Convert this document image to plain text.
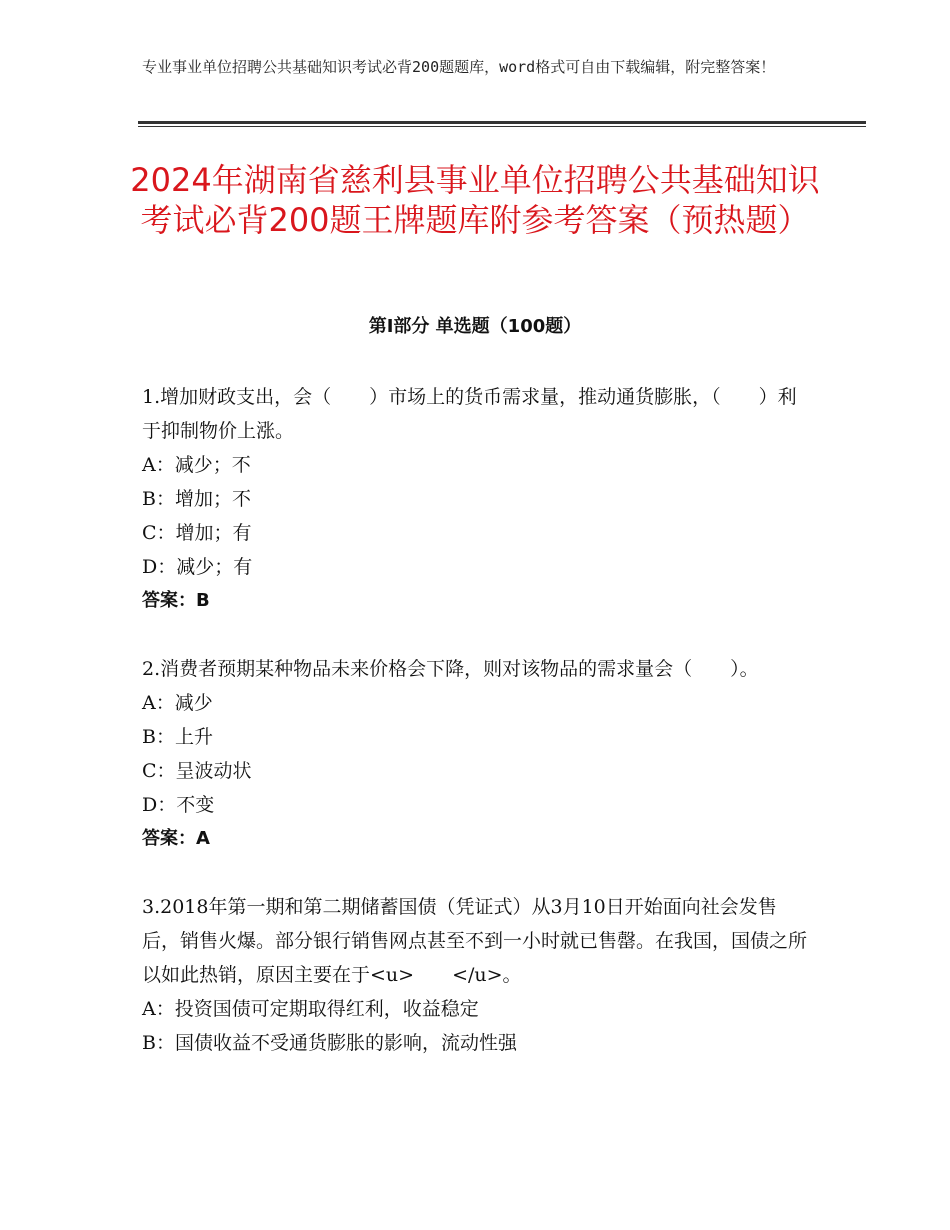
专业事业单位招聘公共基础知识考试必背200题题库，word格式可自由下载编辑，附完整答案！
2024年湖南省慈利县事业单位招聘公共基础知识考试必背200题王牌题库附参考答案（预热题）
第Ⅰ部分 单选题（100题）

1.增加财政支出，会（　　）市场上的货币需求量，推动通货膨胀，（　　）利于抑制物价上涨。

A：减少；不

B：增加；不

C：增加；有

D：减少；有

答案：B

2.消费者预期某种物品未来价格会下降，则对该物品的需求量会（　　）。

A：减少

B：上升

C：呈波动状

D：不变

答案：A

3.2018年第一期和第二期储蓄国债（凭证式）从3月10日开始面向社会发售后，销售火爆。部分银行销售网点甚至不到一小时就已售罄。在我国，国债之所以如此热销，原因主要在于<u>　　</u>。

A：投资国债可定期取得红利，收益稳定

B：国债收益不受通货膨胀的影响，流动性强
